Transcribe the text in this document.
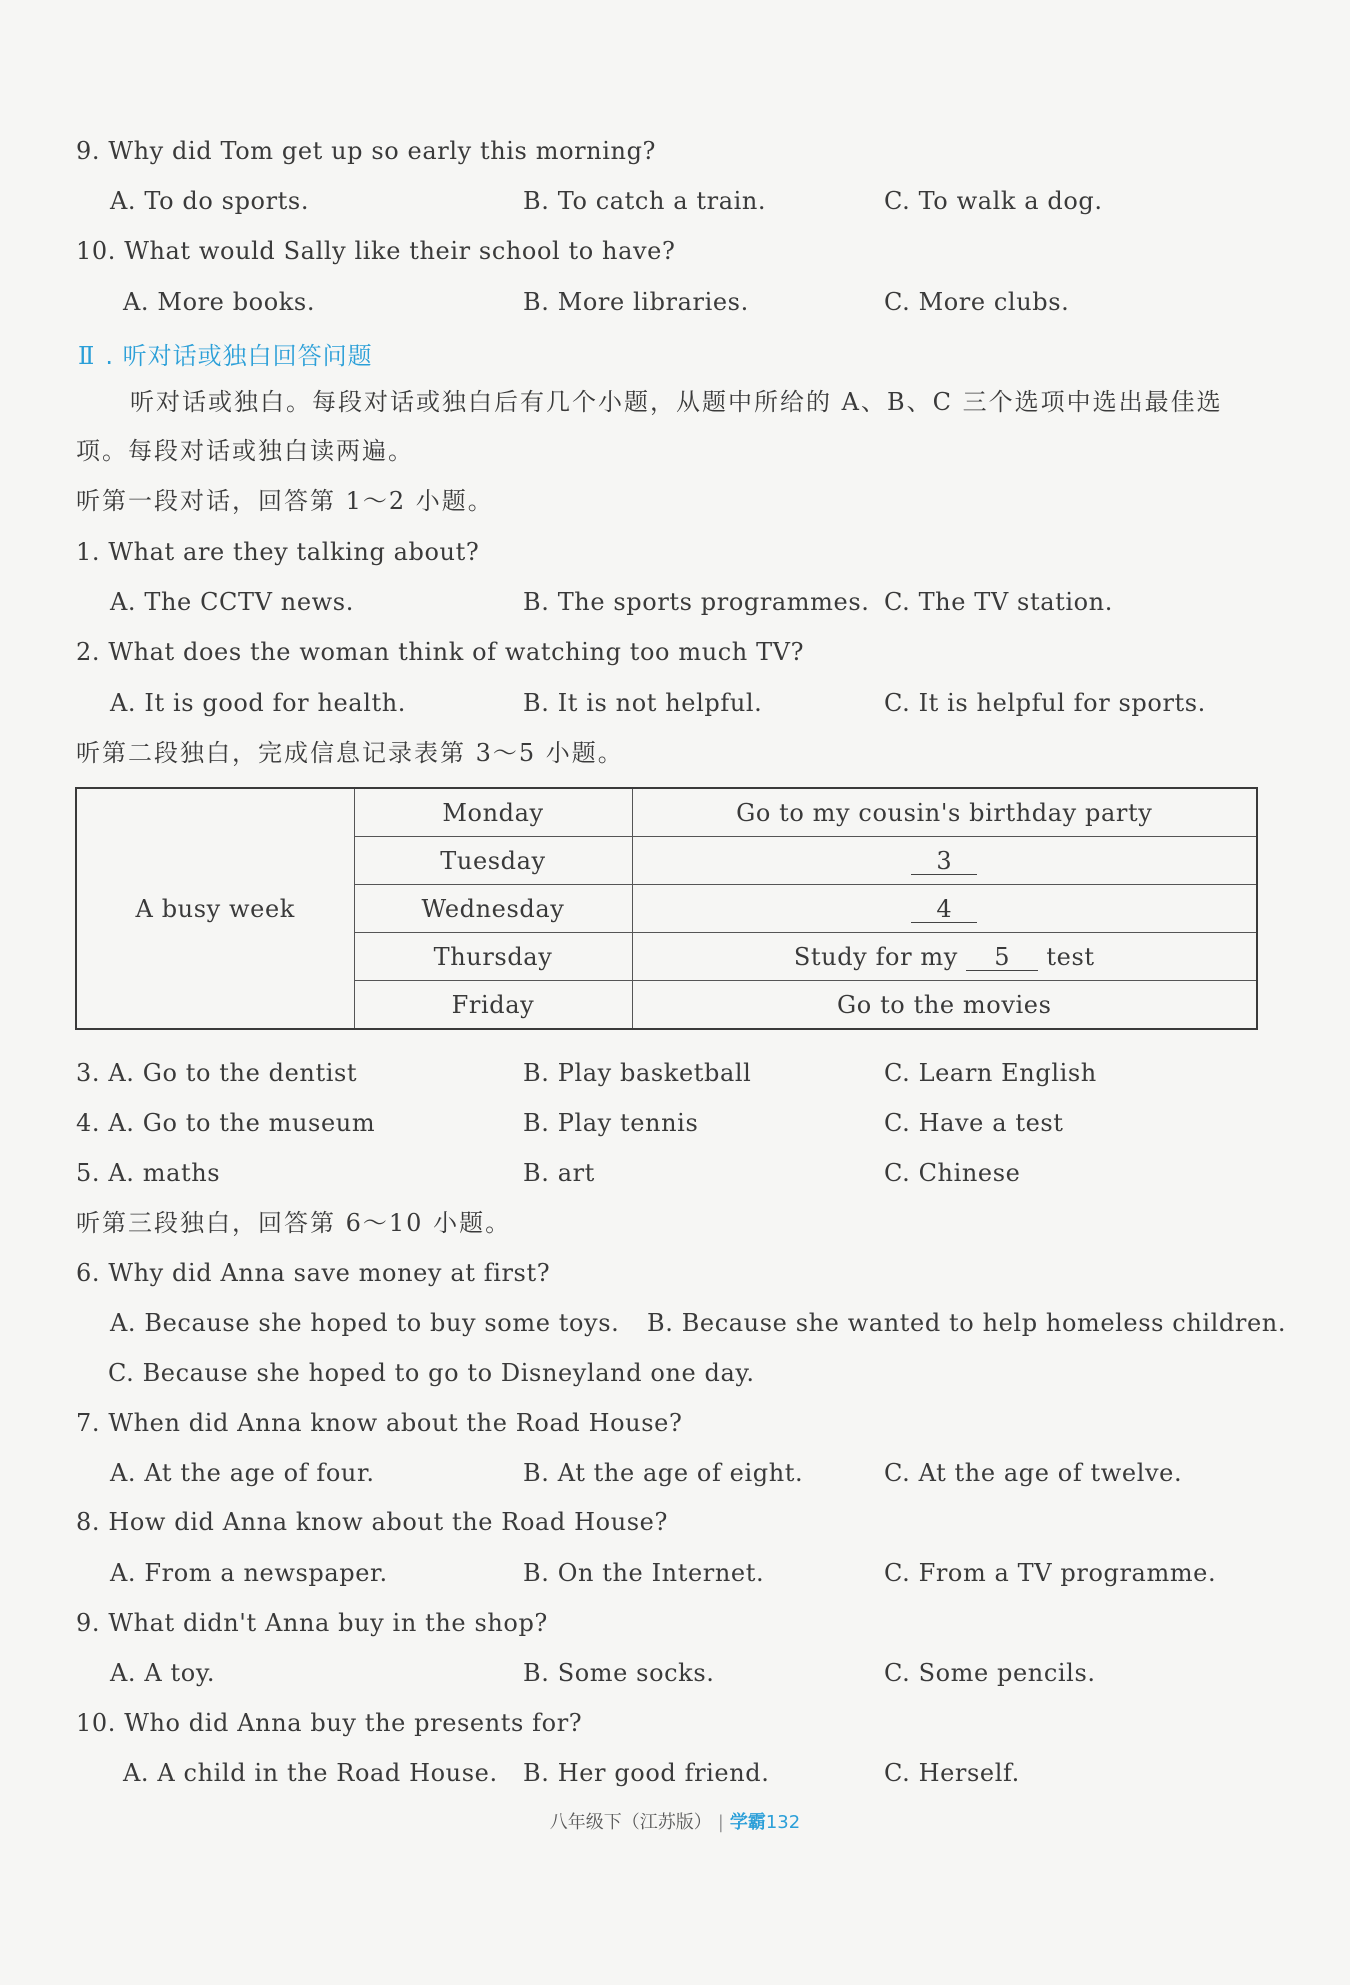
9. Why did Tom get up so early this morning?
A. To do sports.	B. To catch a train.	C. To walk a dog.
10. What would Sally like their school to have?
A. More books.	B. More libraries.	C. More clubs.
Ⅱ . 听对话或独白回答问题
听对话或独白。每段对话或独白后有几个小题，从题中所给的 A、B、C 三个选项中选出最佳选
项。每段对话或独白读两遍。
听第一段对话，回答第 1～2 小题。
1. What are they talking about?
A. The CCTV news.	B. The sports programmes. C. The TV station.
2. What does the woman think of watching too much TV?
A. It is good for health.	B. It is not helpful.	C. It is helpful for sports.
听第二段独白，完成信息记录表第 3～5 小题。
A busy week	Monday	Go to my cousin's birthday party
	Tuesday	3
	Wednesday	4
	Thursday	Study for my 5 test
	Friday	Go to the movies
3. A. Go to the dentist	B. Play basketball	C. Learn English
4. A. Go to the museum	B. Play tennis	C. Have a test
5. A. maths	B. art	C. Chinese
听第三段独白，回答第 6～10 小题。
6. Why did Anna save money at first?
A. Because she hoped to buy some toys. B. Because she wanted to help homeless children.
C. Because she hoped to go to Disneyland one day.
7. When did Anna know about the Road House?
A. At the age of four.	B. At the age of eight.	C. At the age of twelve.
8. How did Anna know about the Road House?
A. From a newspaper.	B. On the Internet.	C. From a TV programme.
9. What didn't Anna buy in the shop?
A. A toy.	B. Some socks.	C. Some pencils.
10. Who did Anna buy the presents for?
A. A child in the Road House. B. Her good friend.	C. Herself.
八年级下（江苏版） | 学霸132
